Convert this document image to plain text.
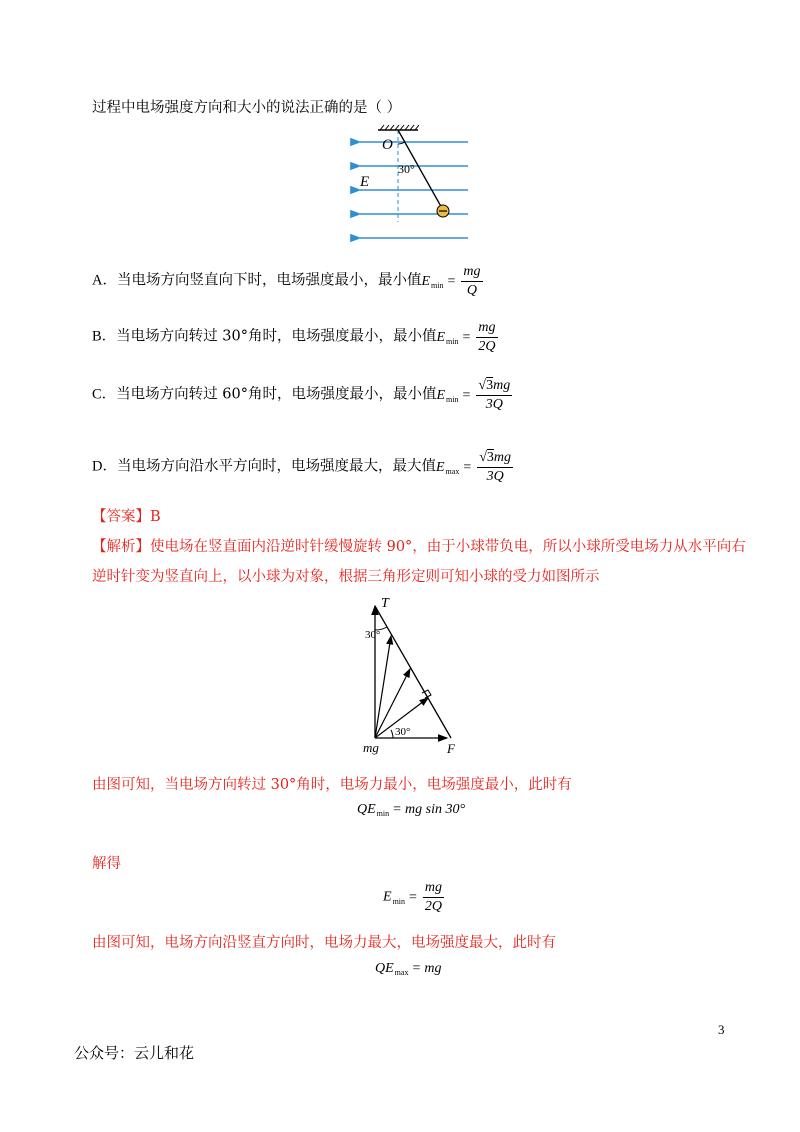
过程中电场强度方向和大小的说法正确的是（ ）
O
30°
E
A．当电场方向竖直向下时，电场强度最小，最小值$E_{min} = \frac{mg}{Q}$
B．当电场方向转过 30°角时，电场强度最小，最小值$E_{min} = \frac{mg}{2Q}$
C．当电场方向转过 60°角时，电场强度最小，最小值$E_{min} = \frac{√3mg}{3Q}$
D．当电场方向沿水平方向时，电场强度最大，最大值$E_{max} = \frac{√3mg}{3Q}$
【答案】B
【解析】使电场在竖直面内沿逆时针缓慢旋转 90°，由于小球带负电，所以小球所受电场力从水平向右
逆时针变为竖直向上，以小球为对象，根据三角形定则可知小球的受力如图所示
T
30°
30°
mg	F
由图可知，当电场方向转过 30°角时，电场力最小，电场强度最小，此时有
$QE_{min}$ = mg sin 30°
解得
$E_{min} = \frac{mg}{2Q}$
由图可知，电场方向沿竖直方向时，电场力最大，电场强度最大，此时有
$QE_{max}$ = mg
3
公众号：云儿和花
